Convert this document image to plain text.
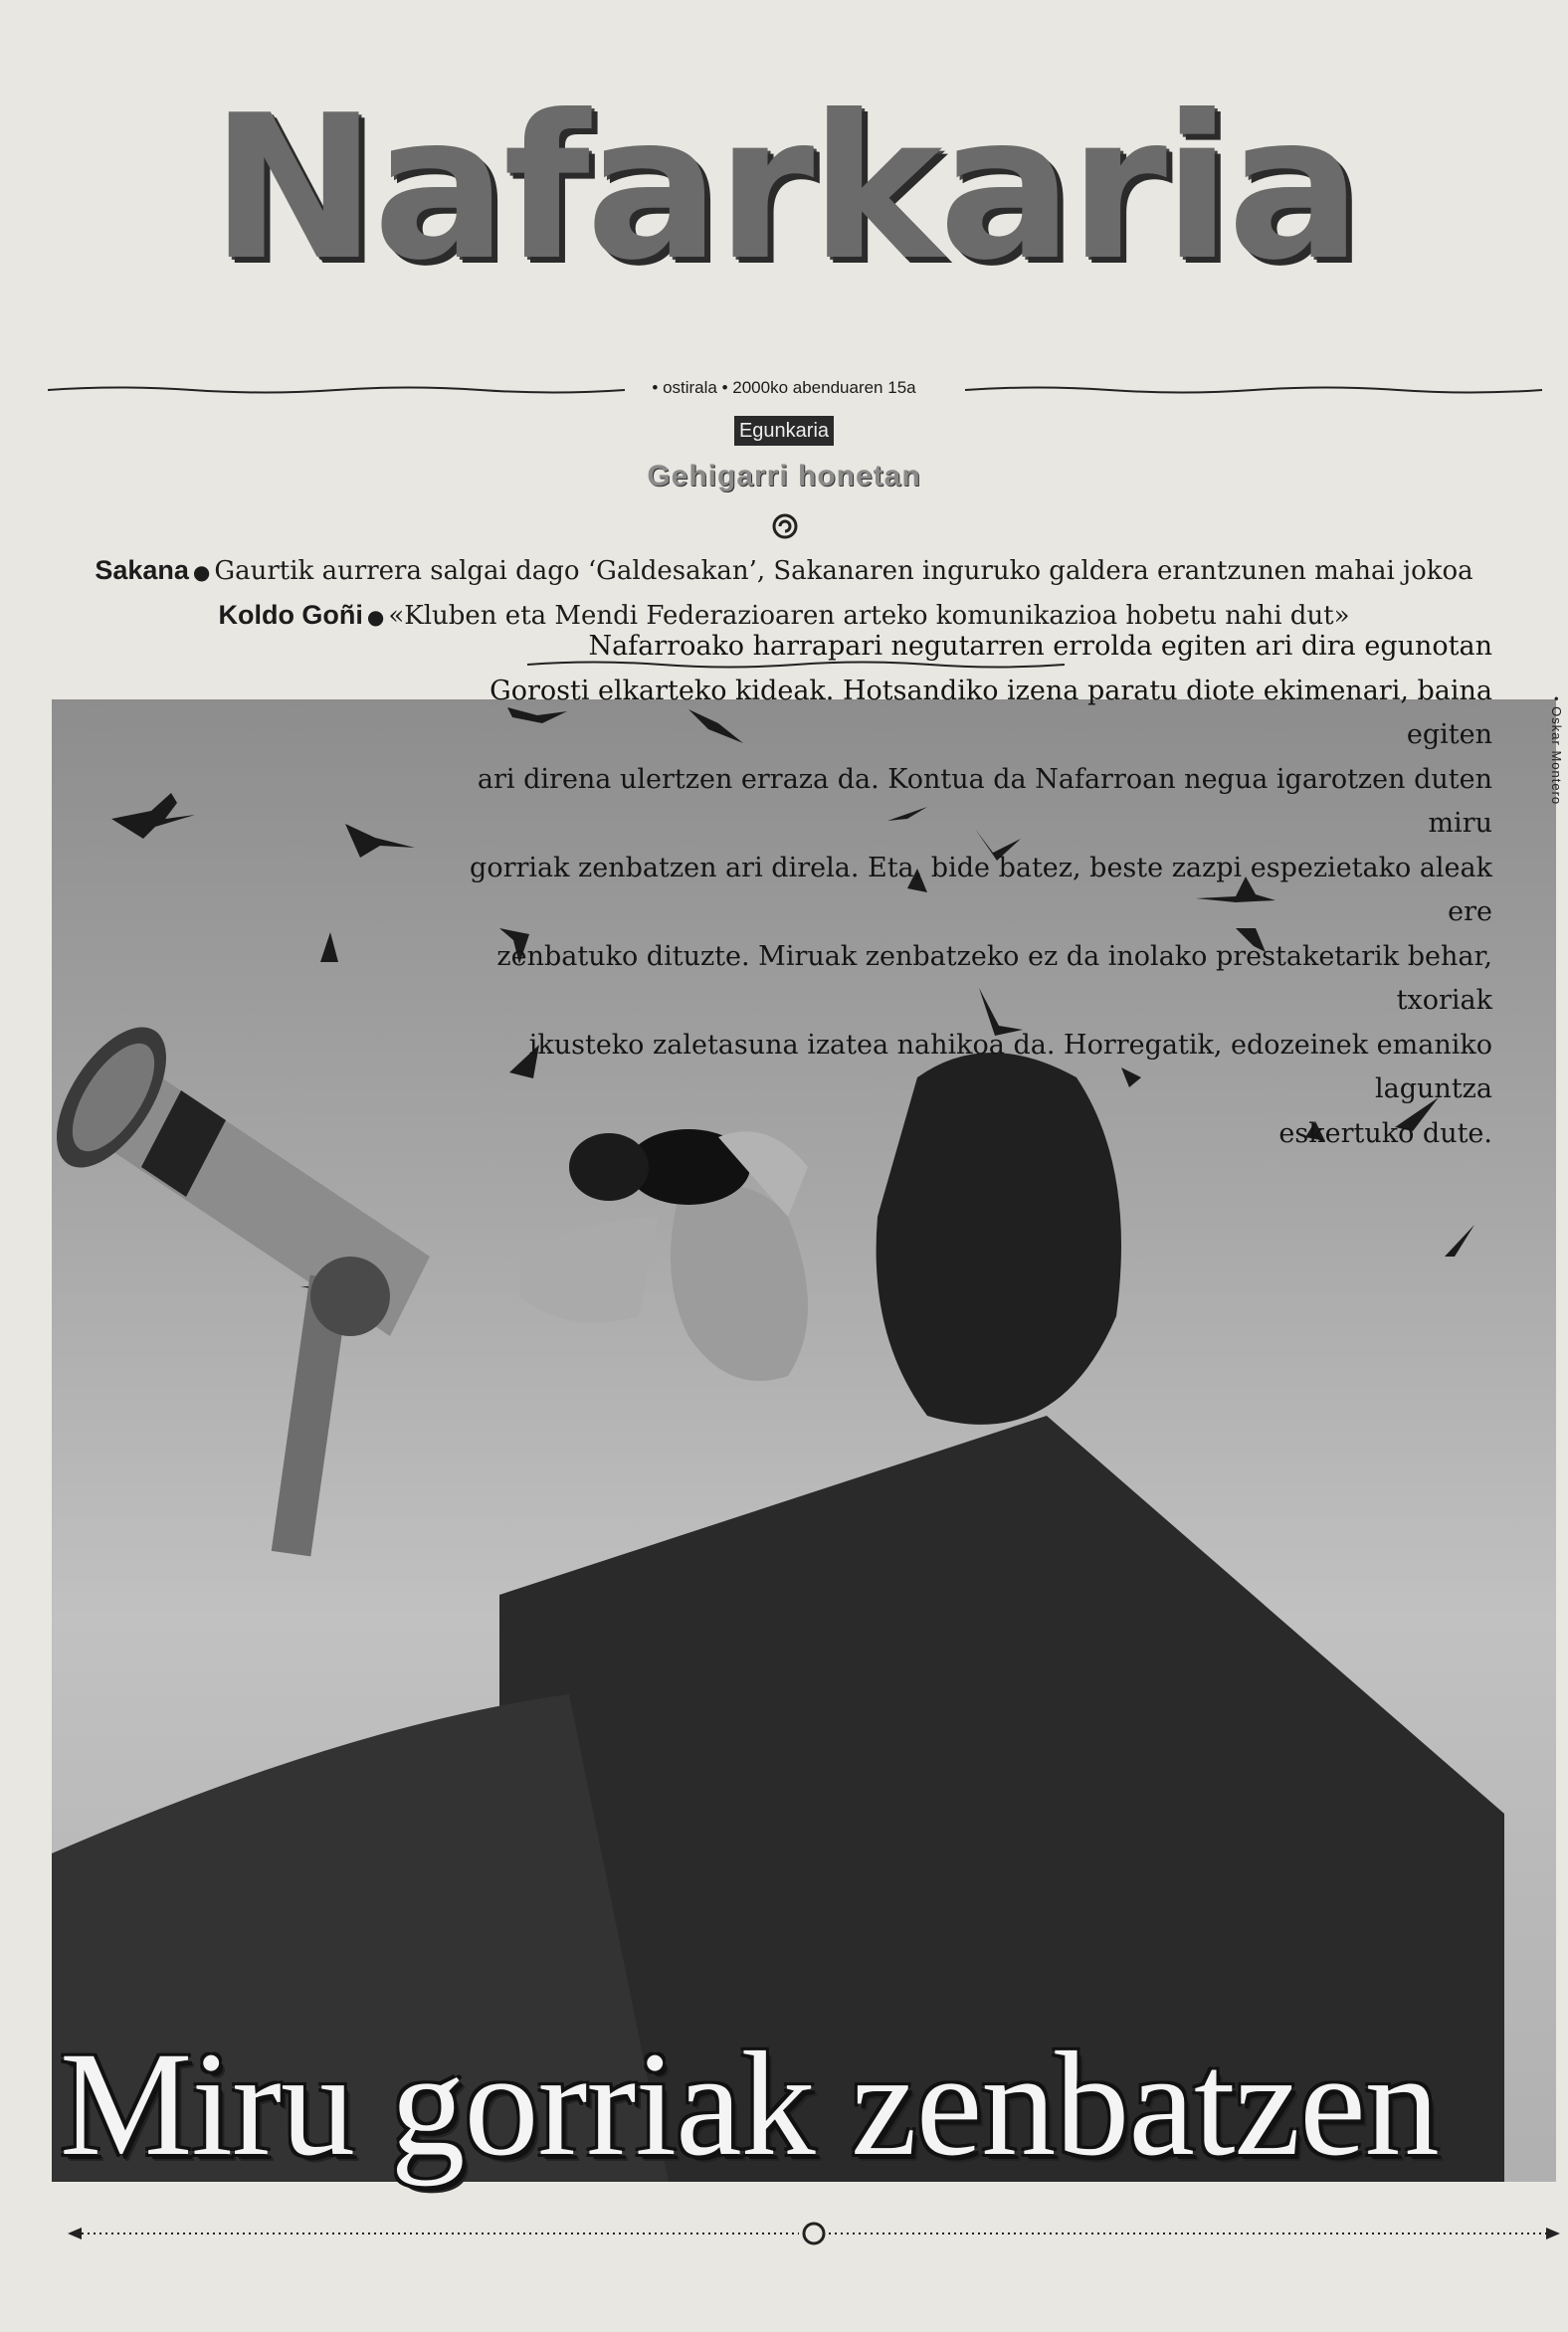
Nafarkaria
• ostirala • 2000ko abenduaren 15a
Egunkaria
Gehigarri honetan
Sakana ● Gaurtik aurrera salgai dago ‘Galdesakan’, Sakanaren inguruko galdera erantzunen mahai jokoa
Koldo Goñi ● «Kluben eta Mendi Federazioaren arteko komunikazioa hobetu nahi dut»
Nafarroako harrapari negutarren errolda egiten ari dira egunotan
Gorosti elkarteko kideak. Hotsandiko izena paratu diote ekimenari, baina egiten
ari direna ulertzen erraza da. Kontua da Nafarroan negua igarotzen duten miru
gorriak zenbatzen ari direla. Eta, bide batez, beste zazpi espezietako aleak ere
zenbatuko dituzte. Miruak zenbatzeko ez da inolako prestaketarik behar, txoriak
ikusteko zaletasuna izatea nahikoa da. Horregatik, edozeinek emaniko laguntza
eskertuko dute.
• Oskar Montero
Miru gorriak zenbatzen
